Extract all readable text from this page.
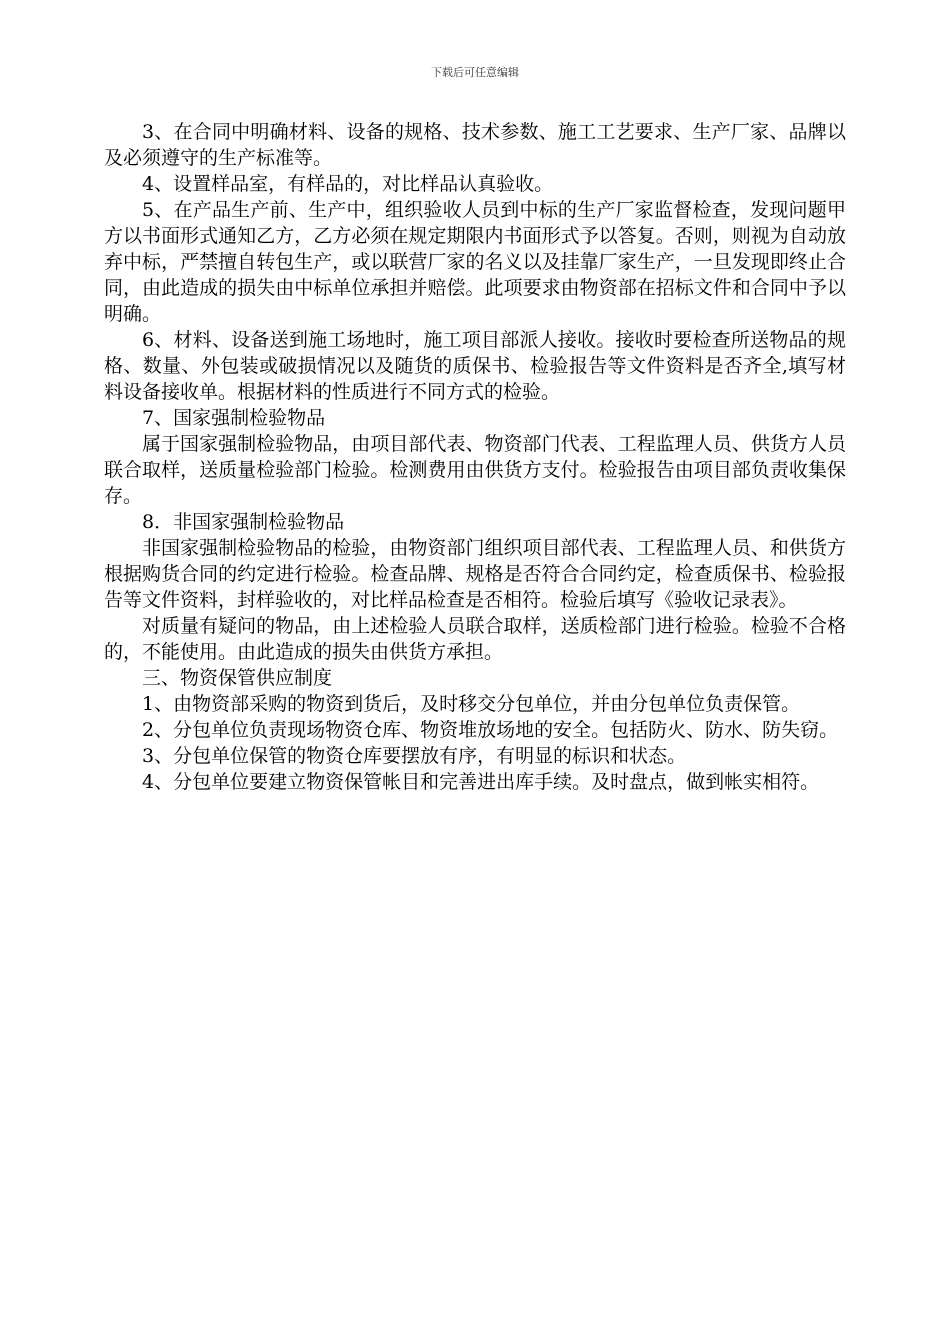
下载后可任意编辑

3、在合同中明确材料、设备的规格、技术参数、施工工艺要求、生产厂家、品牌以及必须遵守的生产标准等。

4、设置样品室，有样品的，对比样品认真验收。

5、在产品生产前、生产中，组织验收人员到中标的生产厂家监督检查，发现问题甲方以书面形式通知乙方，乙方必须在规定期限内书面形式予以答复。否则，则视为自动放弃中标，严禁擅自转包生产，或以联营厂家的名义以及挂靠厂家生产，一旦发现即终止合同，由此造成的损失由中标单位承担并赔偿。此项要求由物资部在招标文件和合同中予以明确。

6、材料、设备送到施工场地时，施工项目部派人接收。接收时要检查所送物品的规格、数量、外包装或破损情况以及随货的质保书、检验报告等文件资料是否齐全,填写材料设备接收单。根据材料的性质进行不同方式的检验。

7、国家强制检验物品

属于国家强制检验物品，由项目部代表、物资部门代表、工程监理人员、供货方人员联合取样，送质量检验部门检验。检测费用由供货方支付。检验报告由项目部负责收集保存。

8．非国家强制检验物品

非国家强制检验物品的检验，由物资部门组织项目部代表、工程监理人员、和供货方根据购货合同的约定进行检验。检查品牌、规格是否符合合同约定，检查质保书、检验报告等文件资料，封样验收的，对比样品检查是否相符。检验后填写《验收记录表》。

对质量有疑问的物品，由上述检验人员联合取样，送质检部门进行检验。检验不合格的，不能使用。由此造成的损失由供货方承担。

三、物资保管供应制度

1、由物资部采购的物资到货后，及时移交分包单位，并由分包单位负责保管。

2、分包单位负责现场物资仓库、物资堆放场地的安全。包括防火、防水、防失窃。

3、分包单位保管的物资仓库要摆放有序，有明显的标识和状态。

4、分包单位要建立物资保管帐目和完善进出库手续。及时盘点，做到帐实相符。
